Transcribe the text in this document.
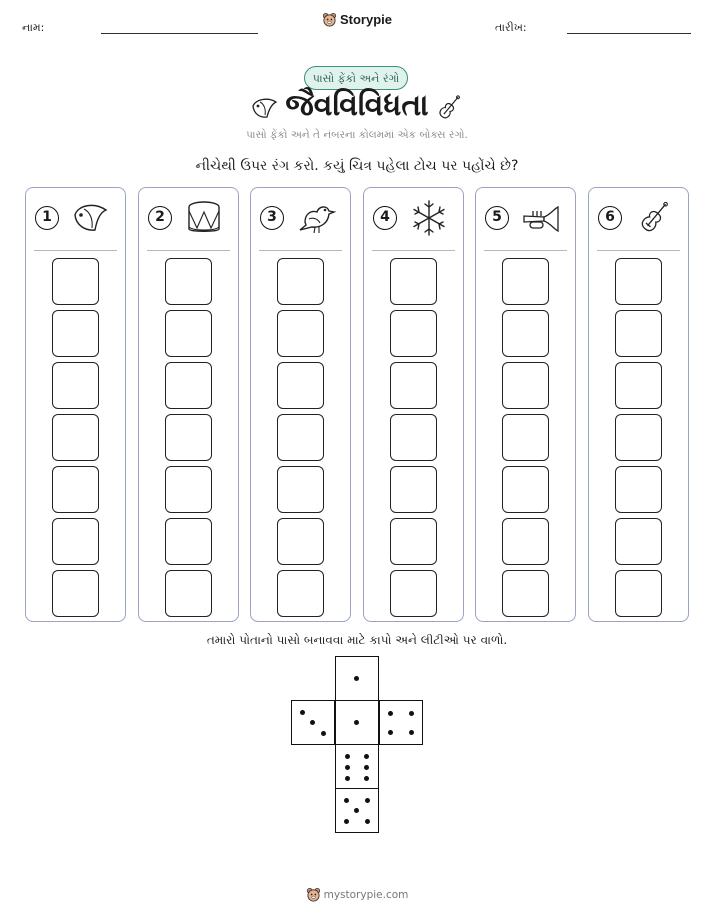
નામ:
Storypie
તારીખ:
પાસો ફેંકો અને રંગો
જૈવવિવિધતા
પાસો ફેંકો અને તે નંબરના કોલમમાં એક બોક્સ રંગો.
નીચેથી ઉપર રંગ કરો. કયું ચિત્ર પહેલા ટોચ પર પહોંચે છે?
1	2	3	4	5	6
તમારો પોતાનો પાસો બનાવવા માટે કાપો અને લીટીઓ પર વાળો.
mystorypie.com
